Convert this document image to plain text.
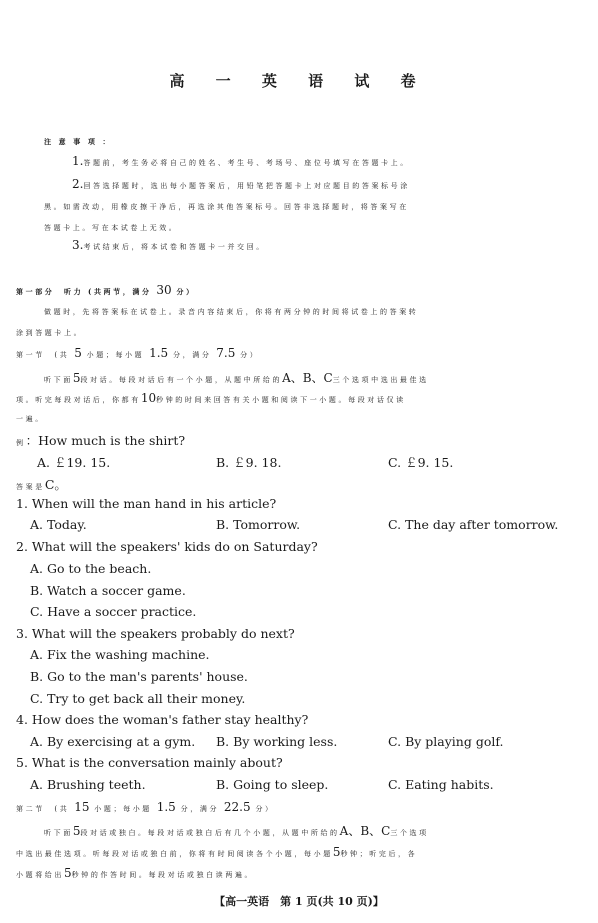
高 一 英 语 试 卷
注 意 事 项 ：
1.答题前，考生务必将自己的姓名、考生号、考场号、座位号填写在答题卡上。
2.回答选择题时，选出每小题答案后，用铅笔把答题卡上对应题目的答案标号涂
黑。如需改动，用橡皮擦干净后，再选涂其他答案标号。回答非选择题时，将答案写在
答题卡上。写在本试卷上无效。
3.考试结束后，将本试卷和答题卡一并交回。
第一部分　听力 (共两节，满分 30 分）
做题时，先将答案标在试卷上。录音内容结束后，你将有两分钟的时间将试卷上的答案转
涂到答题卡上。
第一节　 (共 5 小题；每小题 1.5 分，满分 7.5 分）
听下面5段对话。每段对话后有一个小题，从题中所给的A、B、C三个选项中选出最佳选
项。听完每段对话后，你都有10秒钟的时间来回答有关小题和阅读下一小题。每段对话仅读
一遍。
例：How much is the shirt?
A. ￡19. 15.	B. ￡9. 18.	C. ￡9. 15.
答案是C。
1. When will the man hand in his article?
A. Today.	B. Tomorrow.	C. The day after tomorrow.
2. What will the speakers' kids do on Saturday?
A. Go to the beach.
B. Watch a soccer game.
C. Have a soccer practice.
3. What will the speakers probably do next?
A. Fix the washing machine.
B. Go to the man's parents' house.
C. Try to get back all their money.
4. How does the woman's father stay healthy?
A. By exercising at a gym. B. By working less.	C. By playing golf.
5. What is the conversation mainly about?
A. Brushing teeth.	B. Going to sleep.	C. Eating habits.
第二节　 (共 15 小题；每小题 1.5 分，满分 22.5 分）
听下面5段对话或独白。每段对话或独白后有几个小题，从题中所给的A、B、C三个选项
中选出最佳选项。听每段对话或独白前，你将有时间阅读各个小题，每小题5秒钟；听完后，各
小题将给出5秒钟的作答时间。每段对话或独白读两遍。
【高一英语　第 1 页(共 10 页)】
